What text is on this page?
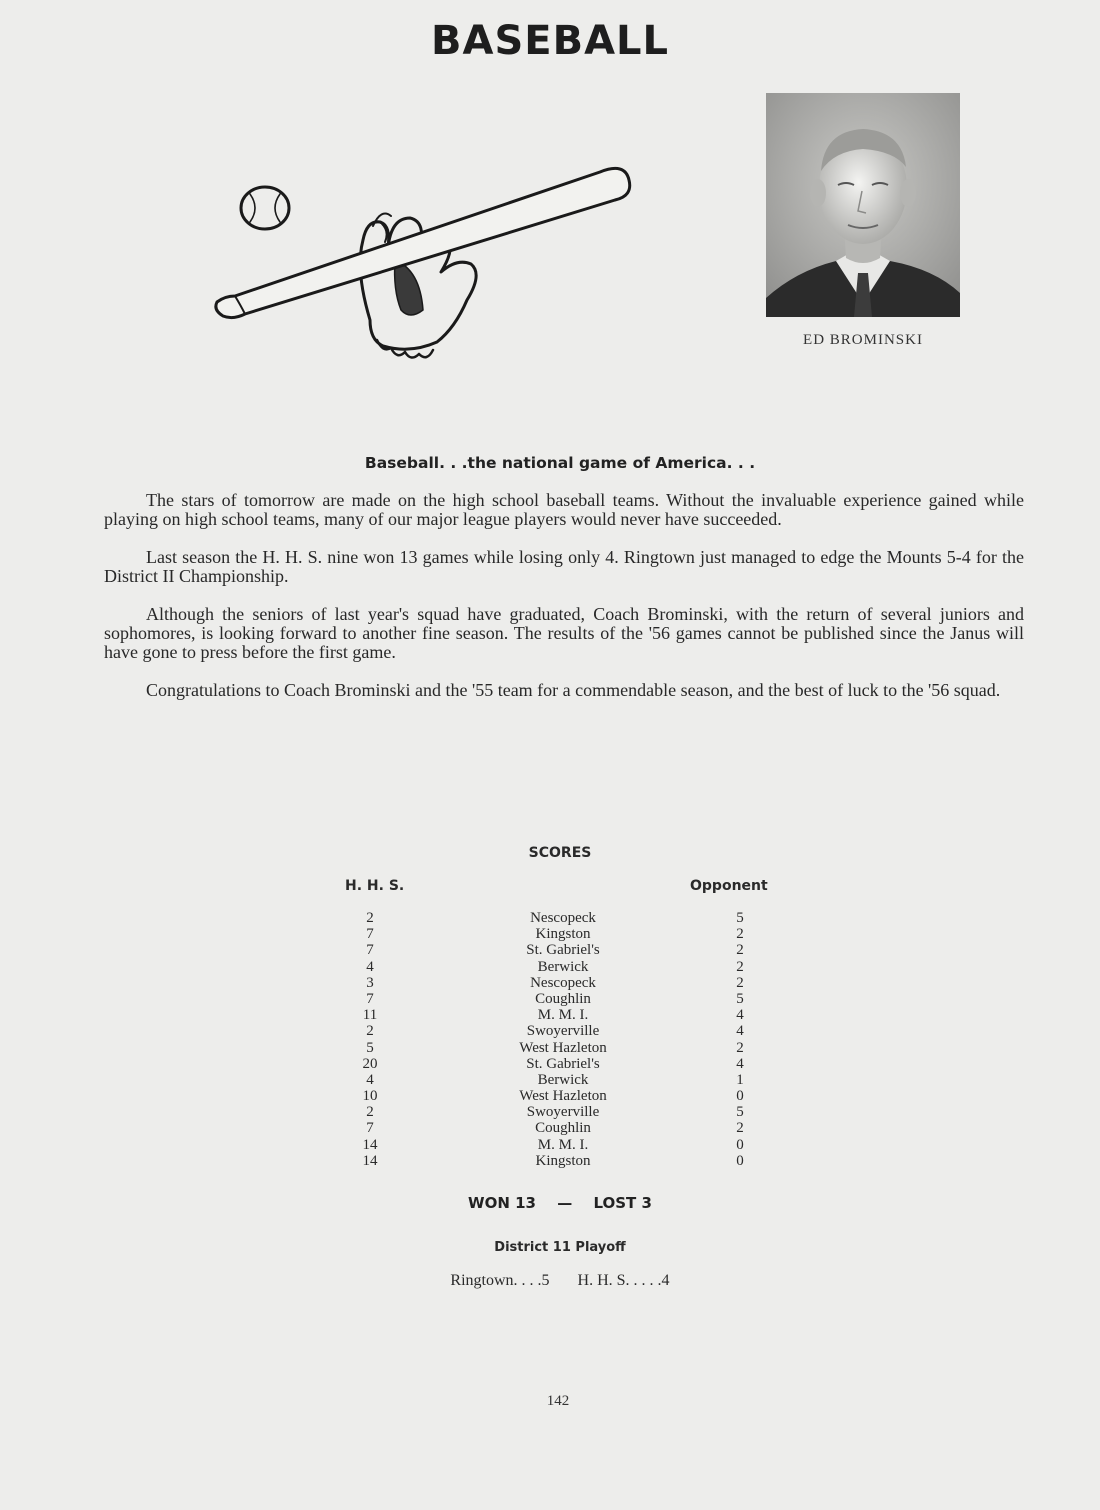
BASEBALL
ED BROMINSKI
Baseball. . .the national game of America. . .

The stars of tomorrow are made on the high school baseball teams. Without the invaluable experience gained while playing on high school teams, many of our major league players would never have succeeded.

Last season the H. H. S. nine won 13 games while losing only 4. Ringtown just managed to edge the Mounts 5-4 for the District II Championship.

Although the seniors of last year's squad have graduated, Coach Brominski, with the return of several juniors and sophomores, is looking forward to another fine season. The results of the '56 games cannot be published since the Janus will have gone to press before the first game.

Congratulations to Coach Brominski and the '55 team for a commendable season, and the best of luck to the '56 squad.

SCORES
H. H. S.	Opponent
2	Nescopeck	5
7	Kingston	2
7	St. Gabriel's	2
4	Berwick	2
3	Nescopeck	2
7	Coughlin	5
11	M. M. I.	4
2	Swoyerville	4
5	West Hazleton	2
20	St. Gabriel's	4
4	Berwick	1
10	West Hazleton	0
2	Swoyerville	5
7	Coughlin	2
14	M. M. I.	0
14	Kingston	0
WON 13 — LOST 3
District 11 Playoff
Ringtown. . . .5 H. H. S. . . . .4
142
